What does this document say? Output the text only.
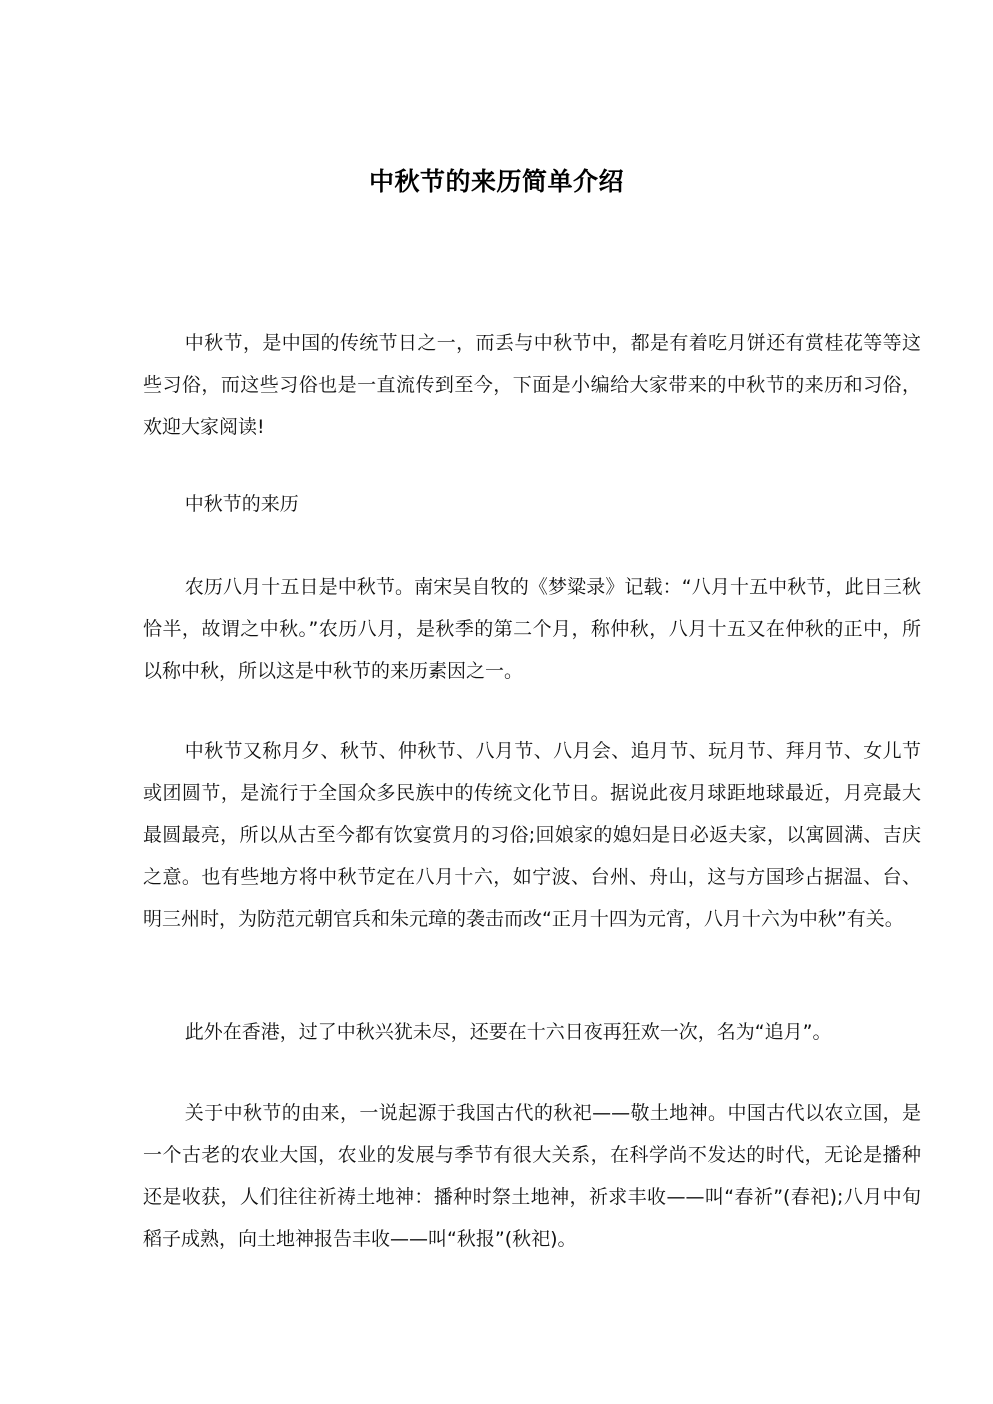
中秋节的来历简单介绍

中秋节，是中国的传统节日之一，而丢与中秋节中，都是有着吃月饼还有赏桂花等等这些习俗，而这些习俗也是一直流传到至今，下面是小编给大家带来的中秋节的来历和习俗，欢迎大家阅读!

中秋节的来历

农历八月十五日是中秋节。南宋吴自牧的《梦粱录》记载：“八月十五中秋节，此日三秋恰半，故谓之中秋。”农历八月，是秋季的第二个月，称仲秋，八月十五又在仲秋的正中，所以称中秋，所以这是中秋节的来历素因之一。

中秋节又称月夕、秋节、仲秋节、八月节、八月会、追月节、玩月节、拜月节、女儿节或团圆节，是流行于全国众多民族中的传统文化节日。据说此夜月球距地球最近，月亮最大最圆最亮，所以从古至今都有饮宴赏月的习俗;回娘家的媳妇是日必返夫家，以寓圆满、吉庆之意。也有些地方将中秋节定在八月十六，如宁波、台州、舟山，这与方国珍占据温、台、明三州时，为防范元朝官兵和朱元璋的袭击而改“正月十四为元宵，八月十六为中秋”有关。

此外在香港，过了中秋兴犹未尽，还要在十六日夜再狂欢一次，名为“追月”。

关于中秋节的由来，一说起源于我国古代的秋祀——敬土地神。中国古代以农立国，是一个古老的农业大国，农业的发展与季节有很大关系，在科学尚不发达的时代，无论是播种还是收获，人们往往祈祷土地神：播种时祭土地神，祈求丰收——叫“春祈”(春祀);八月中旬稻子成熟，向土地神报告丰收——叫“秋报”(秋祀)。
